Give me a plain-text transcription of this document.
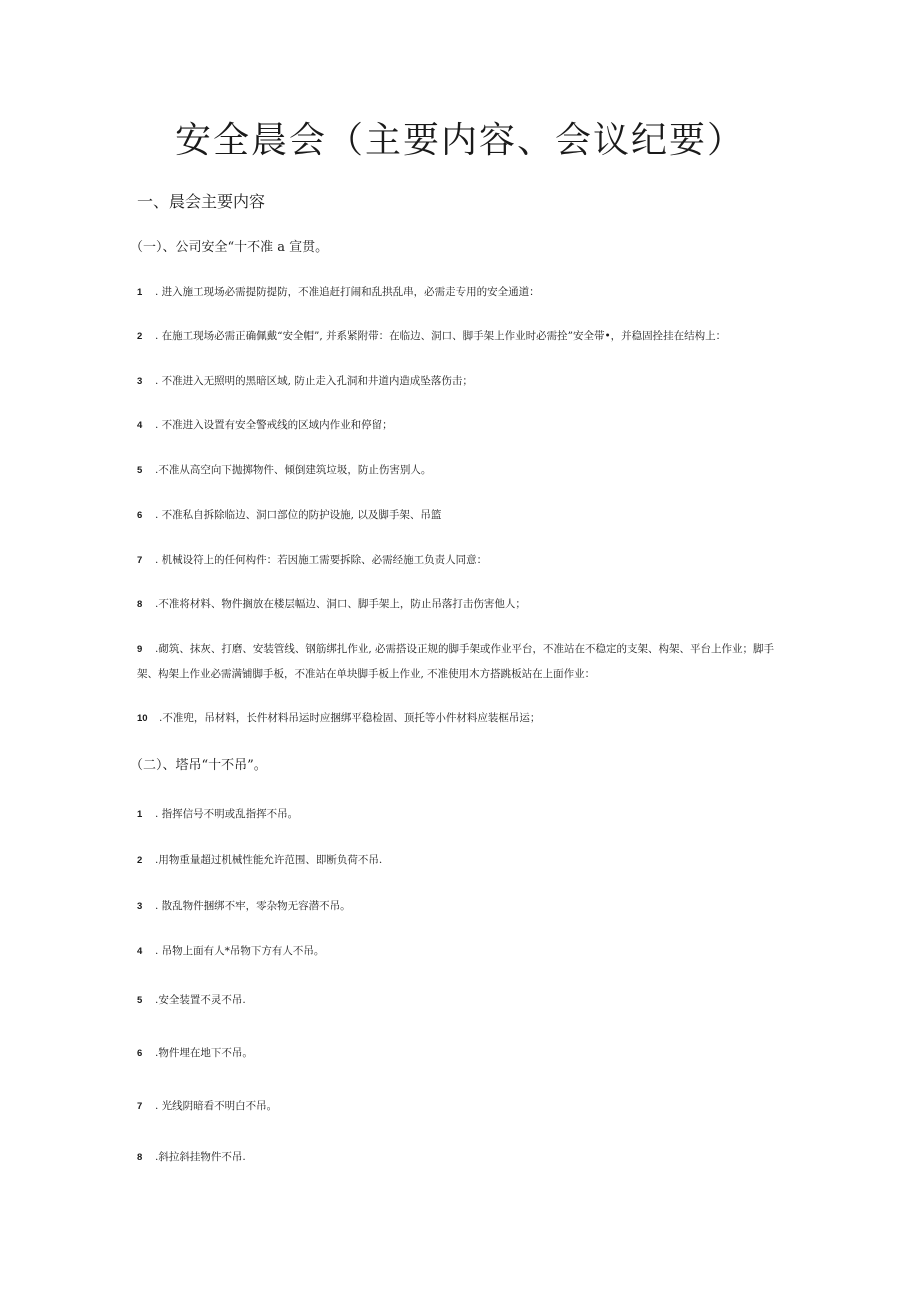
安全晨会（主要内容、会议纪要）
一、晨会主要内容
（一）、公司安全“十不准 a 宣贯。
1 . 进入施工现场必需提防提防，不准追赶打闹和乱拱乱串，必需走专用的安全通道：
2 . 在施工现场必需正确佩戴“安全帽”, 并系紧附带：在临边、洞口、脚手架上作业时必需拴”安全带•，并稳固拴挂在结构上：
3 . 不准进入无照明的黑暗区域, 防止走入孔洞和井道内造成坠落伤击；
4 . 不准进入设置有安全警戒线的区域内作业和停留；
5 .不准从高空向下抛掷物件、倾倒建筑垃圾，防止伤害别人。
6 . 不准私自拆除临边、洞口部位的防护设施, 以及脚手架、吊篮
7 . 机械设符上的任何构件：若因施工需要拆除、必需经施工负责人同意：
8 .不准将材料、物件搁放在楼层幅边、洞口、脚手架上，防止吊落打击伤害他人；
9 .砌筑、抹灰、打磨、安装管线、钢筋绑扎作业, 必需搭设正规的脚手架或作业平台，不准站在不稳定的支架、构架、平台上作业；脚手架、构架上作业必需满铺脚手板，不准站在单块脚手板上作业, 不准使用木方搭跳板站在上面作业：
10 .不准兜，吊材料，长件材料吊运时应捆绑平稳检固、顶托等小件材料应装框吊运；
（二）、塔吊“十不吊”。
1 . 指挥信号不明或乱指挥不吊。
2 .用物重量超过机械性能允许范围、即断负荷不吊.
3 . 散乱物件捆绑不牢，零杂物无容潜不吊。
4 . 吊物上面有人*吊物下方有人不吊。
5 .安全装置不灵不吊.
6 .物件埋在地下不吊。
7 . 光线阴暗看不明白不吊。
8 .斜拉斜挂物件不吊.
